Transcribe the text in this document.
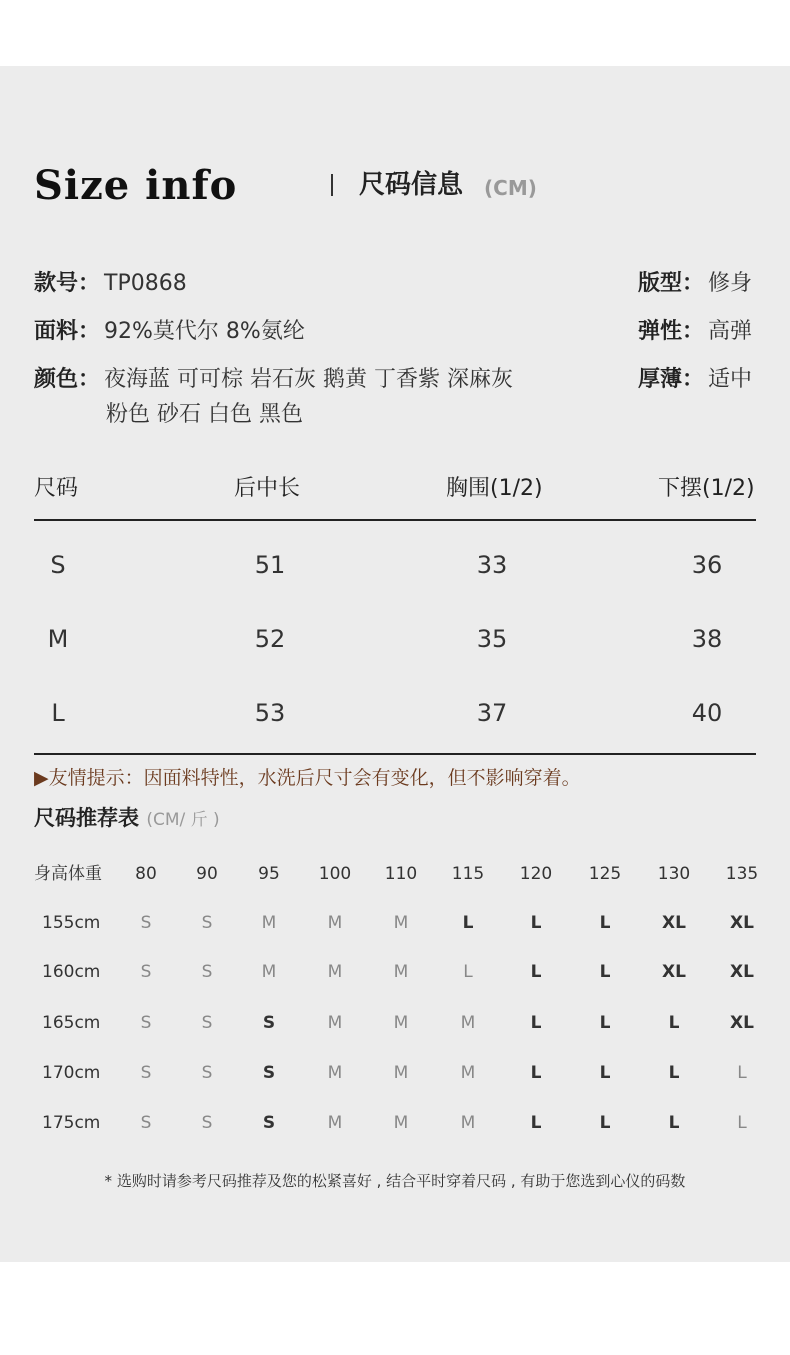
Size info	尺码信息 (CM)
款号： TP0868
面料： 92%莫代尔 8%氨纶
颜色： 夜海蓝 可可棕 岩石灰 鹅黄 丁香紫 深麻灰
粉色 砂石 白色 黑色
版型： 修身
弹性： 高弹
厚薄： 适中
尺码	后中长	胸围(1/2)	下摆(1/2)
S	51	33	36
M	52	35	38
L	53	37	40
▶友情提示：因面料特性，水洗后尺寸会有变化，但不影响穿着。
尺码推荐表 (CM/ 斤 )
身高体重	80	90	95	100	110	115	120	125	130	135
155cm	S	S	M	M	M	L	L	L	XL	XL
160cm	S	S	M	M	M	L	L	L	XL	XL
165cm	S	S	S	M	M	M	L	L	L	XL
170cm	S	S	S	M	M	M	L	L	L	L
175cm	S	S	S	M	M	M	L	L	L	L
* 选购时请参考尺码推荐及您的松紧喜好 , 结合平时穿着尺码 , 有助于您选到心仪的码数
